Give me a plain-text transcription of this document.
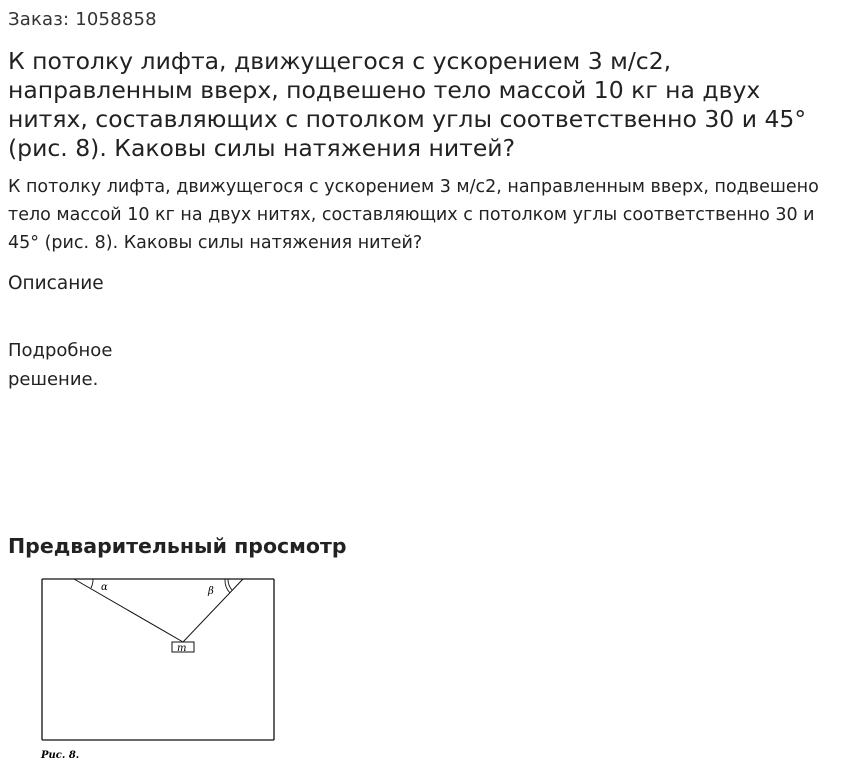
Заказ: 1058858
К потолку лифта, движущегося с ускорением 3 м/с2, направленным вверх, подвешено тело массой 10 кг на двух нитях, составляющих с потолком углы соответственно 30 и 45° (рис. 8). Каковы силы натяжения нитей?

К потолку лифта, движущегося с ускорением 3 м/с2, направленным вверх, подвешено тело массой 10 кг на двух нитях, составляющих с потолком углы соответственно 30 и 45° (рис. 8). Каковы силы натяжения нитей?

Описание
Подробное решение.
Предварительный просмотр
α	β
m
Рис. 8.
